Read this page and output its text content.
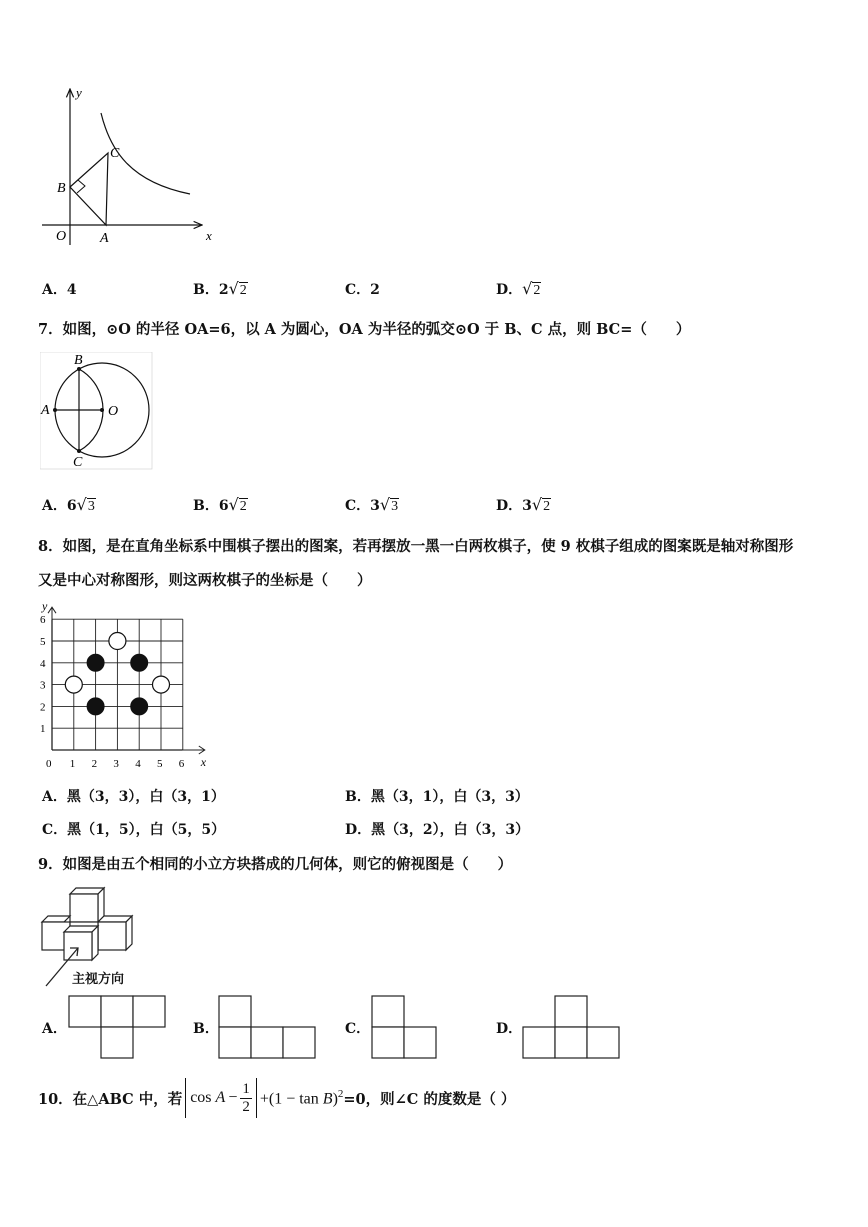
y
x
O A
B
C
A．4	B．2√2	C．2	D．√2
7．如图，⊙O 的半径 OA=6，以 A 为圆心，OA 为半径的弧交⊙O 于 B、C 点，则 BC=（　　）
B
A	O
C
A．6√3	B．6√2	C．3√3	D．3√2
8．如图，是在直角坐标系中围棋子摆出的图案，若再摆放一黑一白两枚棋子，使 9 枚棋子组成的图案既是轴对称图形
又是中心对称图形，则这两枚棋子的坐标是（　　）
0 1 2 3 4 5 6
1
2
3
4
5
6
y
x
A．黑（3，3），白（3，1）	B．黑（3，1），白（3，3）
C．黑（1，5），白（5，5）	D．黑（3，2），白（3，3）
9．如图是由五个相同的小立方块搭成的几何体，则它的俯视图是（　　）
主视方向
A．	B．	C．	D．
10．在△ABC 中，若 cos
$A - \frac{1}{2} +(1 - \tan B)^2 =0$，则∠C 的度数是（ ）
